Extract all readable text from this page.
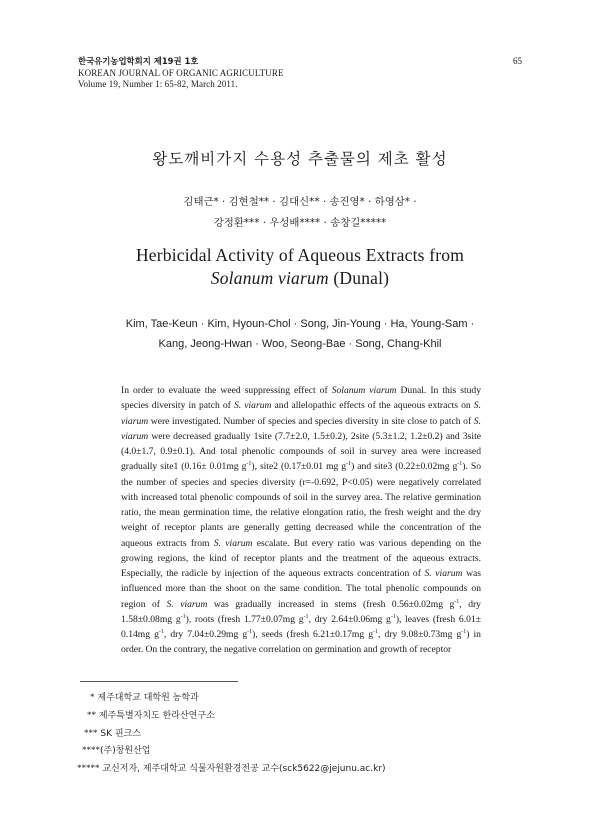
한국유기농업학회지 제19권 1호
KOREAN JOURNAL OF ORGANIC AGRICULTURE
Volume 19, Number 1: 65-82, March 2011.
65
왕도깨비가지 수용성 추출물의 제초 활성
김태근* · 김현철** · 김대신** · 송진영* · 하영삼* ·
강정환*** · 우성배**** · 송창길*****
Herbicidal Activity of Aqueous Extracts from
Solanum viarum (Dunal)
Kim, Tae-Keun · Kim, Hyoun-Chol · Song, Jin-Young · Ha, Young-Sam ·
Kang, Jeong-Hwan · Woo, Seong-Bae · Song, Chang-Khil
In order to evaluate the weed suppressing effect of Solanum viarum Dunal. In this study species diversity in patch of S. viarum and allelopathic effects of the aqueous extracts on S. viarum were investigated. Number of species and species diversity in site close to patch of S. viarum were decreased gradually 1site (7.7±2.0, 1.5±0.2), 2site (5.3±1.2, 1.2±0.2) and 3site (4.0±1.7, 0.9±0.1). And total phenolic compounds of soil in survey area were increased gradually site1 (0.16± 0.01mg $g^{-1}$), site2 (0.17±0.01 mg $g^{-1}$) and site3 (0.22±0.02mg $g^{-1}$). So the number of species and species diversity (r=-0.692, P<0.05) were negatively correlated with increased total phenolic compounds of soil in the survey area. The relative germination ratio, the mean germination time, the relative elongation ratio, the fresh weight and the dry weight of receptor plants are generally getting decreased while the concentration of the aqueous extracts from S. viarum escalate. But every ratio was various depending on the growing regions, the kind of receptor plants and the treatment of the aqueous extracts. Especially, the radicle by injection of the aqueous extracts concentration of S. viarum was influenced more than the shoot on the same condition. The total phenolic compounds on region of S. viarum was gradually increased in stems (fresh 0.56±0.02mg $g^{-1}$, dry 1.58±0.08mg $g^{-1}$), roots (fresh 1.77±0.07mg $g^{-1}$, dry 2.64±0.06mg $g^{-1}$), leaves (fresh 6.01± 0.14mg $g^{-1}$, dry 7.04±0.29mg $g^{-1}$), seeds (fresh 6.21±0.17mg $g^{-1}$, dry 9.08±0.73mg $g^{-1}$) in order. On the contrary, the negative correlation on germination and growth of receptor
* 제주대학교 대학원 농학과
** 제주특별자치도 한라산연구소
*** SK 핀크스
****(주)창원산업
***** 교신저자, 제주대학교 식물자원환경전공 교수(sck5622@jejunu.ac.kr)
